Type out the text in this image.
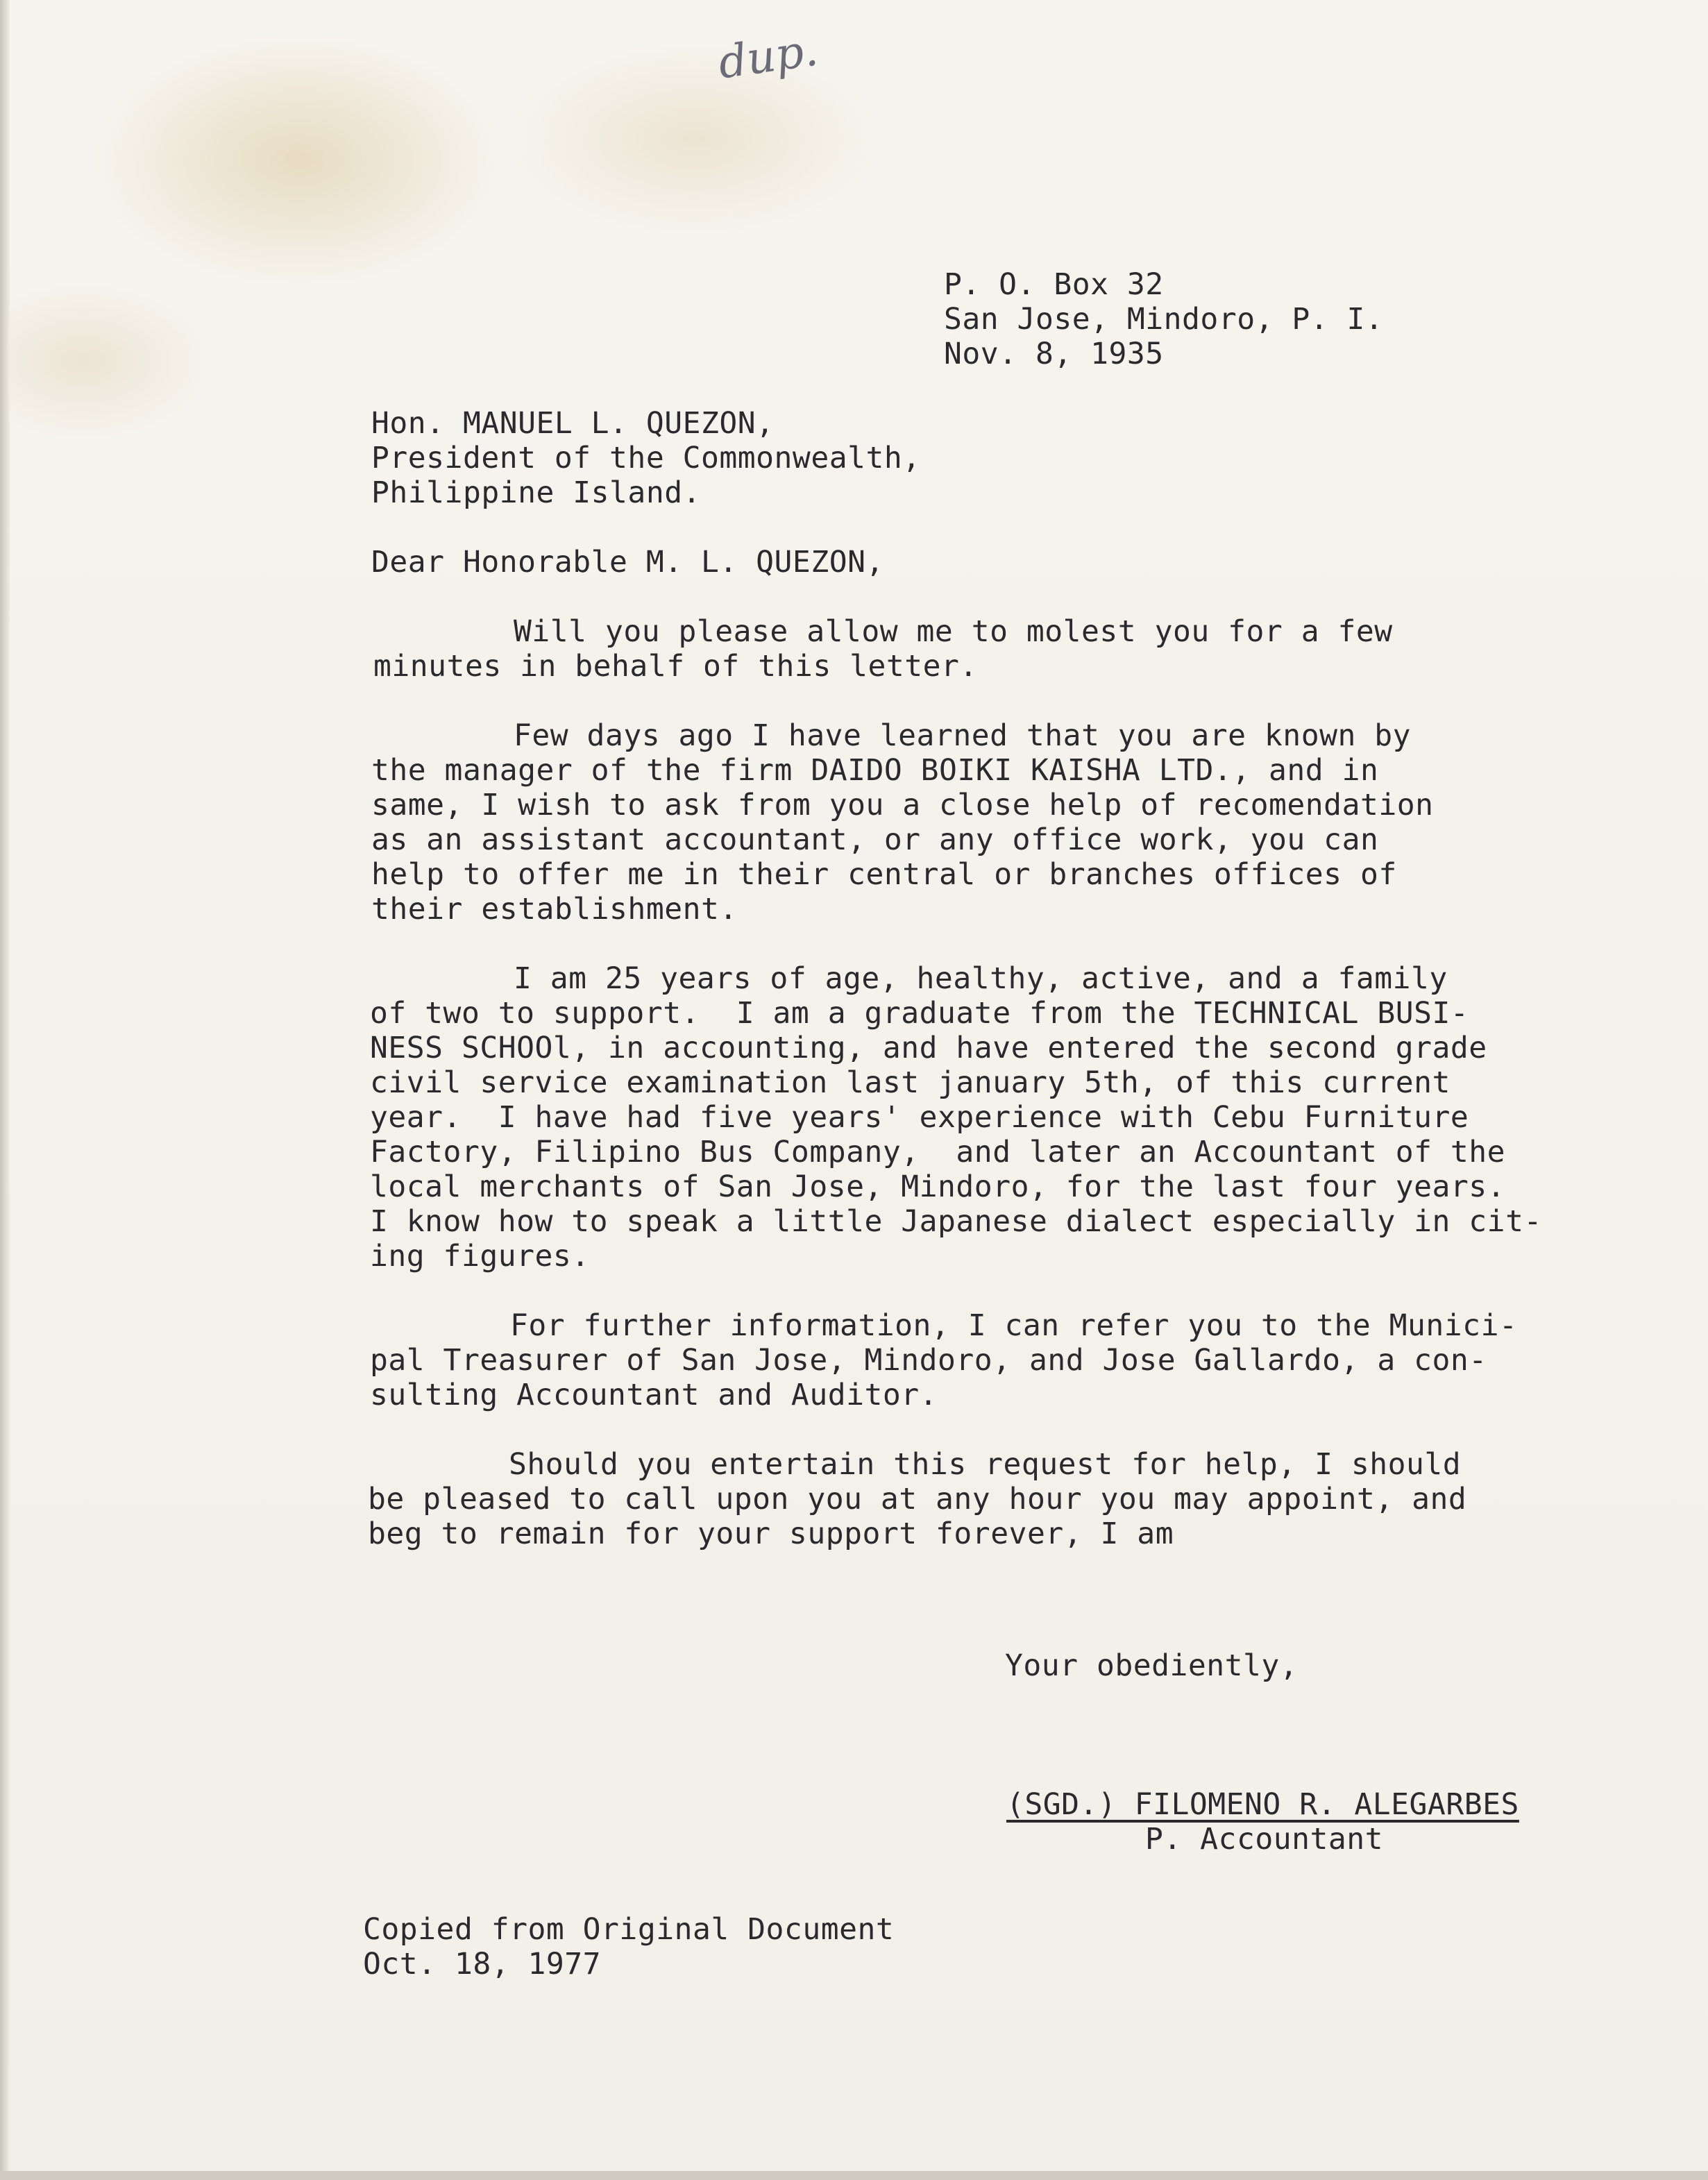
dup.
P. O. Box 32
San Jose, Mindoro, P. I.
Nov. 8, 1935
Hon. MANUEL L. QUEZON,
President of the Commonwealth,
Philippine Island.
Dear Honorable M. L. QUEZON,
Will you please allow me to molest you for a few
minutes in behalf of this letter.
Few days ago I have learned that you are known by
the manager of the firm DAIDO BOIKI KAISHA LTD., and in
same, I wish to ask from you a close help of recomendation
as an assistant accountant, or any office work, you can
help to offer me in their central or branches offices of
their establishment.
I am 25 years of age, healthy, active, and a family
of two to support.  I am a graduate from the TECHNICAL BUSI-
NESS SCHOOl, in accounting, and have entered the second grade
civil service examination last january 5th, of this current
year.  I have had five years' experience with Cebu Furniture
Factory, Filipino Bus Company,  and later an Accountant of the
local merchants of San Jose, Mindoro, for the last four years.
I know how to speak a little Japanese dialect especially in cit-
ing figures.
For further information, I can refer you to the Munici-
pal Treasurer of San Jose, Mindoro, and Jose Gallardo, a con-
sulting Accountant and Auditor.
Should you entertain this request for help, I should
be pleased to call upon you at any hour you may appoint, and
beg to remain for your support forever, I am
Your obediently,
(SGD.) FILOMENO R. ALEGARBES
P. Accountant
Copied from Original Document
Oct. 18, 1977
